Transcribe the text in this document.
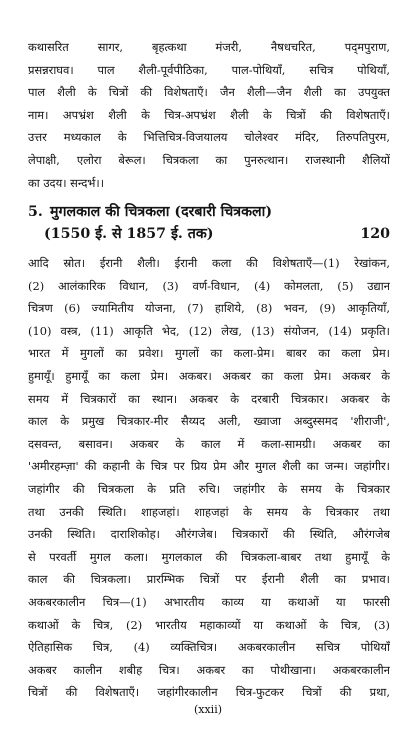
कथासरित सागर, बृहत्कथा मंजरी, नैषधचरित, पद्‍मपुराण,
प्रसन्नराघव। पाल शैली-पूर्वपीठिका, पाल-पोथियाँ, सचित्र पोथियाँ,
पाल शैली के चित्रों की विशेषताएँ। जैन शैली—जैन शैली का उपयुक्त
नाम। अपभ्रंश शैली के चित्र-अपभ्रंश शैली के चित्रों की विशेषताएँ।
उत्तर मध्यकाल के भित्तिचित्र-विजयालय चोलेश्वर मंदिर, तिरुपतिपुरम,
लेपाक्षी, एलोरा बेरूल। चित्रकला का पुनरुत्थान। राजस्थानी शैलियों
का उदय। सन्दर्भ।।
5. मुगलकाल की चित्रकला (दरबारी चित्रकला)
(1550 ई. से 1857 ई. तक)	120
आदि स्रोत। ईरानी शैली। ईरानी कला की विशेषताएँ—(1) रेखांकन,
(2) आलंकारिक विधान, (3) वर्ण-विधान, (4) कोमलता, (5) उद्यान
चित्रण (6) ज्यामितीय योजना, (7) हाशिये, (8) भवन, (9) आकृतियाँ,
(10) वस्त्र, (11) आकृति भेद, (12) लेख, (13) संयोजन, (14) प्रकृति।
भारत में मुगलों का प्रवेश। मुगलों का कला-प्रेम। बाबर का कला प्रेम।
हुमायूँ। हुमायूँ का कला प्रेम। अकबर। अकबर का कला प्रेम। अकबर के
समय में चित्रकारों का स्थान। अकबर के दरबारी चित्रकार। अकबर के
काल के प्रमुख चित्रकार-मीर सैय्यद अली, ख्वाजा अब्दुस्समद 'शीराजी',
दसवन्त, बसावन। अकबर के काल में कला-सामग्री। अकबर का
'अमीरहम्ज़ा' की कहानी के चित्र पर प्रिय प्रेम और मुगल शैली का जन्म। जहांगीर।
जहांगीर की चित्रकला के प्रति रुचि। जहांगीर के समय के चित्रकार
तथा उनकी स्थिति। शाहजहां। शाहजहां के समय के चित्रकार तथा
उनकी स्थिति। दाराशिकोह। औरंगजेब। चित्रकारों की स्थिति, औरंगजेब
से परवर्ती मुगल कला। मुगलकाल की चित्रकला-बाबर तथा हुमायूँ के
काल की चित्रकला। प्रारम्भिक चित्रों पर ईरानी शैली का प्रभाव।
अकबरकालीन चित्र—(1) अभारतीय काव्य या कथाओं या फारसी
कथाओं के चित्र, (2) भारतीय महाकाव्यों या कथाओं के चित्र, (3)
ऐतिहासिक चित्र, (4) व्यक्तिचित्र। अकबरकालीन सचित्र पोथियाँ
अकबर कालीन शबीह चित्र। अकबर का पोथीखाना। अकबरकालीन
चित्रों की विशेषताएँ। जहांगीरकालीन चित्र-फुटकर चित्रों की प्रथा,
(xxii)
